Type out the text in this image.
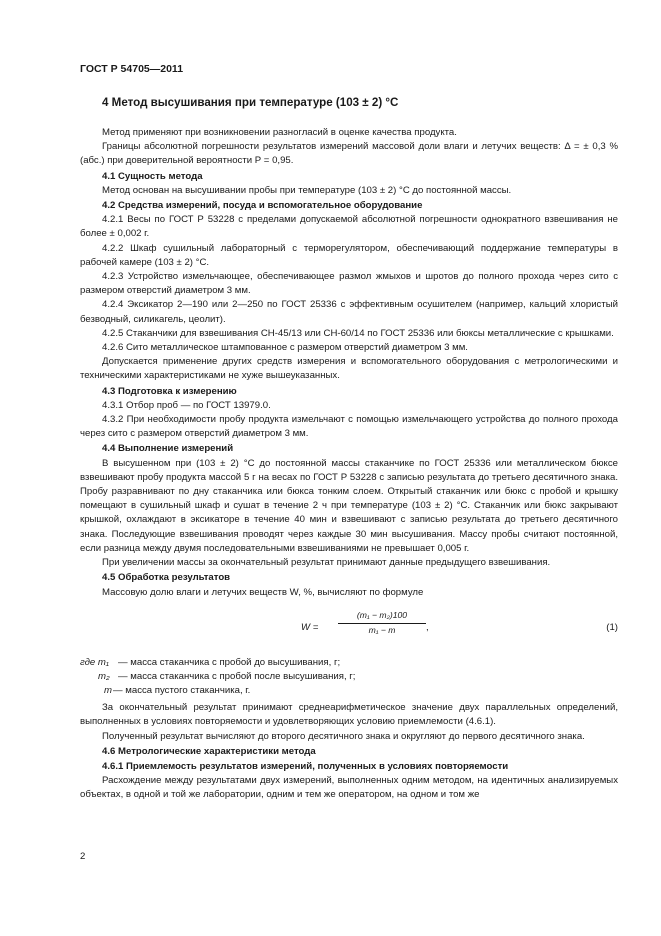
ГОСТ Р 54705—2011
4 Метод высушивания при температуре (103 ± 2) °С

Метод применяют при возникновении разногласий в оценке качества продукта.

Границы абсолютной погрешности результатов измерений массовой доли влаги и летучих веществ: Δ = ± 0,3 % (абс.) при доверительной вероятности Р = 0,95.

4.1 Сущность метода

Метод основан на высушивании пробы при температуре (103 ± 2) °С до постоянной массы.

4.2 Средства измерений, посуда и вспомогательное оборудование

4.2.1 Весы по ГОСТ Р 53228 с пределами допускаемой абсолютной погрешности однократного взвешивания не более ± 0,002 г.

4.2.2 Шкаф сушильный лабораторный с терморегулятором, обеспечивающий поддержание температуры в рабочей камере (103 ± 2) °С.

4.2.3 Устройство измельчающее, обеспечивающее размол жмыхов и шротов до полного прохода через сито с размером отверстий диаметром 3 мм.

4.2.4 Эксикатор 2—190 или 2—250 по ГОСТ 25336 с эффективным осушителем (например, кальций хлористый безводный, силикагель, цеолит).

4.2.5 Стаканчики для взвешивания СН-45/13 или СН-60/14 по ГОСТ 25336 или бюксы металлические с крышками.

4.2.6 Сито металлическое штампованное с размером отверстий диаметром 3 мм.

Допускается применение других средств измерения и вспомогательного оборудования с метрологическими и техническими характеристиками не хуже вышеуказанных.

4.3 Подготовка к измерению

4.3.1 Отбор проб — по ГОСТ 13979.0.

4.3.2 При необходимости пробу продукта измельчают с помощью измельчающего устройства до полного прохода через сито с размером отверстий диаметром 3 мм.

4.4 Выполнение измерений

В высушенном при (103 ± 2) °С до постоянной массы стаканчике по ГОСТ 25336 или металлическом бюксе взвешивают пробу продукта массой 5 г на весах по ГОСТ Р 53228 с записью результата до третьего десятичного знака. Пробу разравнивают по дну стаканчика или бюкса тонким слоем. Открытый стаканчик или бюкс с пробой и крышку помещают в сушильный шкаф и сушат в течение 2 ч при температуре (103 ± 2) °С. Стаканчик или бюкс закрывают крышкой, охлаждают в эксикаторе в течение 40 мин и взвешивают с записью результата до третьего десятичного знака. Последующие взвешивания проводят через каждые 30 мин высушивания. Массу пробы считают постоянной, если разница между двумя последовательными взвешиваниями не превышает 0,005 г.

При увеличении массы за окончательный результат принимают данные предыдущего взвешивания.

4.5 Обработка результатов

Массовую долю влаги и летучих веществ W, %, вычисляют по формуле

$W = \frac{\text{(m₁ − m₂)100}}{\text{m₁ − m}}$ ,	(1)
где m₁ — масса стаканчика с пробой до высушивания, г;
m₂ — масса стаканчика с пробой после высушивания, г;
m — масса пустого стаканчика, г.

За окончательный результат принимают среднеарифметическое значение двух параллельных определений, выполненных в условиях повторяемости и удовлетворяющих условию приемлемости (4.6.1).

Полученный результат вычисляют до второго десятичного знака и округляют до первого десятичного знака.

4.6 Метрологические характеристики метода
4.6.1 Приемлемость результатов измерений, полученных в условиях повторяемости

Расхождение между результатами двух измерений, выполненных одним методом, на идентичных анализируемых объектах, в одной и той же лаборатории, одним и тем же оператором, на одном и том же

2
